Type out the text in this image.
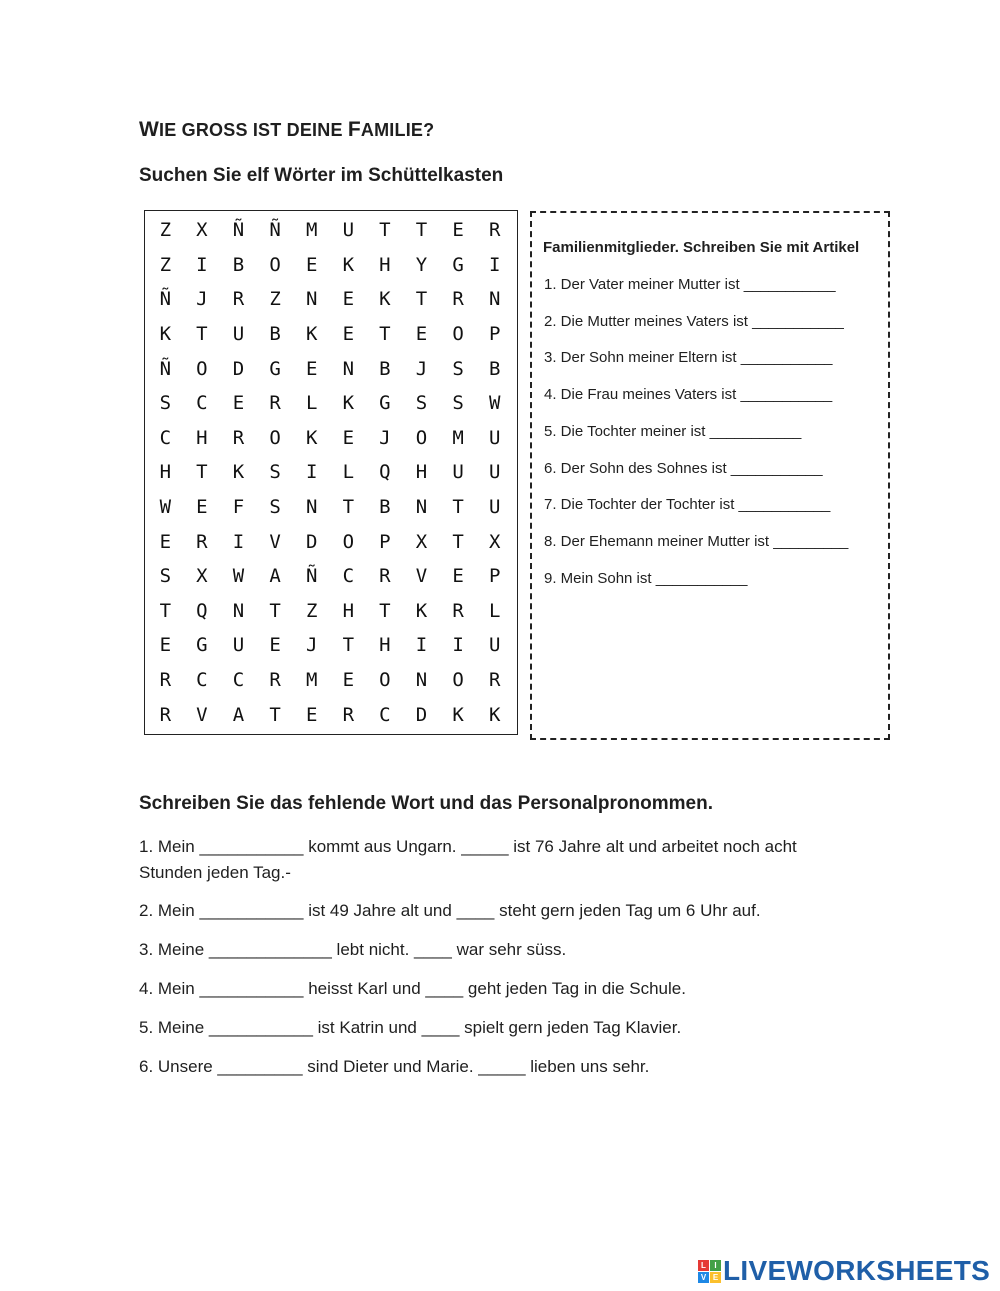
WIE GROSS IST DEINE FAMILIE?
Suchen Sie elf Wörter im Schüttelkasten
Z	X	Ñ	Ñ	M	U	T	T	E	R
Z	I	B	O	E	K	H	Y	G	I
Ñ	J	R	Z	N	E	K	T	R	N
K	T	U	B	K	E	T	E	O	P
Ñ	O	D	G	E	N	B	J	S	B
S	C	E	R	L	K	G	S	S	W
C	H	R	O	K	E	J	O	M	U
H	T	K	S	I	L	Q	H	U	U
W	E	F	S	N	T	B	N	T	U
E	R	I	V	D	O	P	X	T	X
S	X	W	A	Ñ	C	R	V	E	P
T	Q	N	T	Z	H	T	K	R	L
E	G	U	E	J	T	H	I	I	U
R	C	C	R	M	E	O	N	O	R
R	V	A	T	E	R	C	D	K	K
Familienmitglieder. Schreiben Sie mit Artikel
1. Der Vater meiner Mutter ist ___________
2. Die Mutter meines Vaters ist ___________
3. Der Sohn meiner Eltern ist ___________
4. Die Frau meines Vaters ist ___________
5. Die Tochter meiner ist ___________
6. Der Sohn des Sohnes ist ___________
7. Die Tochter der Tochter ist ___________
8. Der Ehemann meiner Mutter ist _________
9. Mein Sohn ist ___________
Schreiben Sie das fehlende Wort und das Personalpronommen.
1. Mein ___________ kommt aus Ungarn. _____ ist 76 Jahre alt und arbeitet noch acht Stunden jeden Tag.-
2. Mein ___________ ist 49 Jahre alt und ____ steht gern jeden Tag um 6 Uhr auf.
3. Meine _____________ lebt nicht. ____ war sehr süss.
4. Mein ___________ heisst Karl und ____ geht jeden Tag in die Schule.
5. Meine ___________ ist Katrin und ____ spielt gern jeden Tag Klavier.
6. Unsere _________ sind Dieter und Marie. _____ lieben uns sehr.
L	I
V E LIVEWORKSHEETS
